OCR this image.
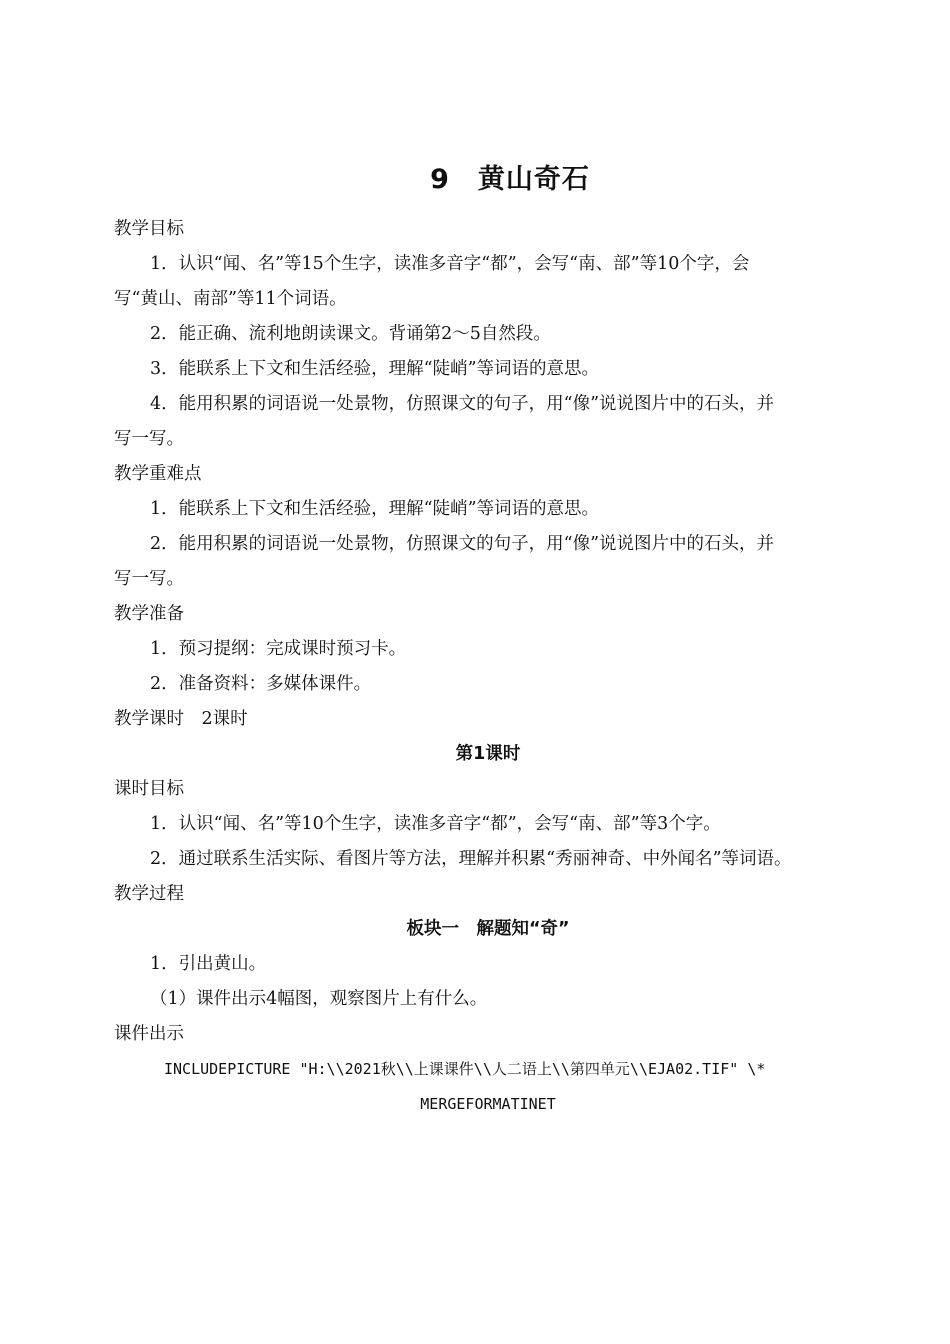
9　黄山奇石
教学目标
1．认识“闻、名”等15个生字，读准多音字“都”，会写“南、部”等10个字，会
写“黄山、南部”等11个词语。
2．能正确、流利地朗读课文。背诵第2～5自然段。
3．能联系上下文和生活经验，理解“陡峭”等词语的意思。
4．能用积累的词语说一处景物，仿照课文的句子，用“像”说说图片中的石头，并
写一写。
教学重难点
1．能联系上下文和生活经验，理解“陡峭”等词语的意思。
2．能用积累的词语说一处景物，仿照课文的句子，用“像”说说图片中的石头，并
写一写。
教学准备
1．预习提纲：完成课时预习卡。
2．准备资料：多媒体课件。
教学课时　2课时
第1课时
课时目标
1．认识“闻、名”等10个生字，读准多音字“都”，会写“南、部”等3个字。
2．通过联系生活实际、看图片等方法，理解并积累“秀丽神奇、中外闻名”等词语。
教学过程
板块一　解题知“奇”
1．引出黄山。
（1）课件出示4幅图，观察图片上有什么。
课件出示
INCLUDEPICTURE "H:\\2021秋\\上课课件\\人二语上\\第四单元\\EJA02.TIF" \*
MERGEFORMATINET
